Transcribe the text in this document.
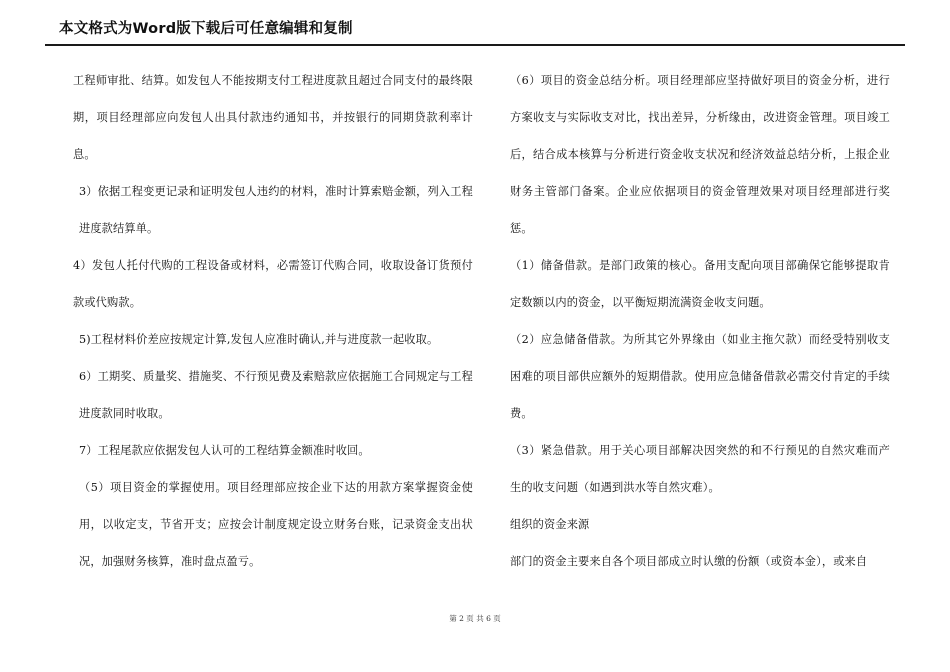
本文格式为Word版下载后可任意编辑和复制

工程师审批、结算。如发包人不能按期支付工程进度款且超过合同支付的最终限期，项目经理部应向发包人出具付款违约通知书，并按银行的同期贷款利率计息。

3）依据工程变更记录和证明发包人违约的材料，准时计算索赔金额，列入工程进度款结算单。

4）发包人托付代购的工程设备或材料，必需签订代购合同，收取设备订货预付款或代购款。

5)工程材料价差应按规定计算,发包人应准时确认,并与进度款一起收取。

6）工期奖、质量奖、措施奖、不行预见费及索赔款应依据施工合同规定与工程进度款同时收取。

7）工程尾款应依据发包人认可的工程结算金额准时收回。

（5）项目资金的掌握使用。项目经理部应按企业下达的用款方案掌握资金使用，以收定支，节省开支；应按会计制度规定设立财务台账，记录资金支出状况，加强财务核算，准时盘点盈亏。

（6）项目的资金总结分析。项目经理部应坚持做好项目的资金分析，进行方案收支与实际收支对比，找出差异，分析缘由，改进资金管理。项目竣工后，结合成本核算与分析进行资金收支状况和经济效益总结分析，上报企业财务主管部门备案。企业应依据项目的资金管理效果对项目经理部进行奖惩。

（1）储备借款。是部门政策的核心。备用支配向项目部确保它能够提取肯定数额以内的资金，以平衡短期流满资金收支问题。

（2）应急储备借款。为所其它外界缘由（如业主拖欠款）而经受特别收支困难的项目部供应额外的短期借款。使用应急储备借款必需交付肯定的手续费。

（3）紧急借款。用于关心项目部解决因突然的和不行预见的自然灾难而产生的收支问题（如遇到洪水等自然灾难）。

组织的资金来源

部门的资金主要来自各个项目部成立时认缴的份额（或资本金），或来自

第 2 页 共 6 页
